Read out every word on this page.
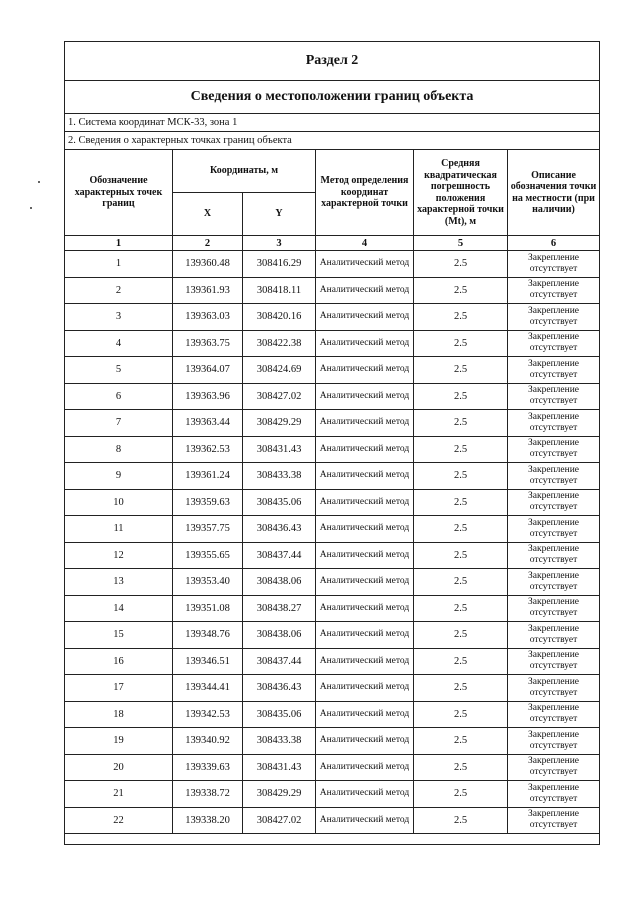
Раздел 2					
Сведения о местоположении границ объекта					
1. Система координат МСК-33, зона 1					
2. Сведения о характерных точках границ объекта					
Обозначение характерных точек границ	Координаты, м		Метод определения координат характерной точки	Средняя квадратическая погрешность положения характерной точки (Mt), м	Описание обозначения точки на местности (при наличии)
	X	Y			
1	2	3	4	5	6
1	139360.48	308416.29	Аналитический метод	2.5	Закрепление отсутствует
2	139361.93	308418.11	Аналитический метод	2.5	Закрепление отсутствует
3	139363.03	308420.16	Аналитический метод	2.5	Закрепление отсутствует
4	139363.75	308422.38	Аналитический метод	2.5	Закрепление отсутствует
5	139364.07	308424.69	Аналитический метод	2.5	Закрепление отсутствует
6	139363.96	308427.02	Аналитический метод	2.5	Закрепление отсутствует
7	139363.44	308429.29	Аналитический метод	2.5	Закрепление отсутствует
8	139362.53	308431.43	Аналитический метод	2.5	Закрепление отсутствует
9	139361.24	308433.38	Аналитический метод	2.5	Закрепление отсутствует
10	139359.63	308435.06	Аналитический метод	2.5	Закрепление отсутствует
11	139357.75	308436.43	Аналитический метод	2.5	Закрепление отсутствует
12	139355.65	308437.44	Аналитический метод	2.5	Закрепление отсутствует
13	139353.40	308438.06	Аналитический метод	2.5	Закрепление отсутствует
14	139351.08	308438.27	Аналитический метод	2.5	Закрепление отсутствует
15	139348.76	308438.06	Аналитический метод	2.5	Закрепление отсутствует
16	139346.51	308437.44	Аналитический метод	2.5	Закрепление отсутствует
17	139344.41	308436.43	Аналитический метод	2.5	Закрепление отсутствует
18	139342.53	308435.06	Аналитический метод	2.5	Закрепление отсутствует
19	139340.92	308433.38	Аналитический метод	2.5	Закрепление отсутствует
20	139339.63	308431.43	Аналитический метод	2.5	Закрепление отсутствует
21	139338.72	308429.29	Аналитический метод	2.5	Закрепление отсутствует
22	139338.20	308427.02	Аналитический метод	2.5	Закрепление отсутствует
